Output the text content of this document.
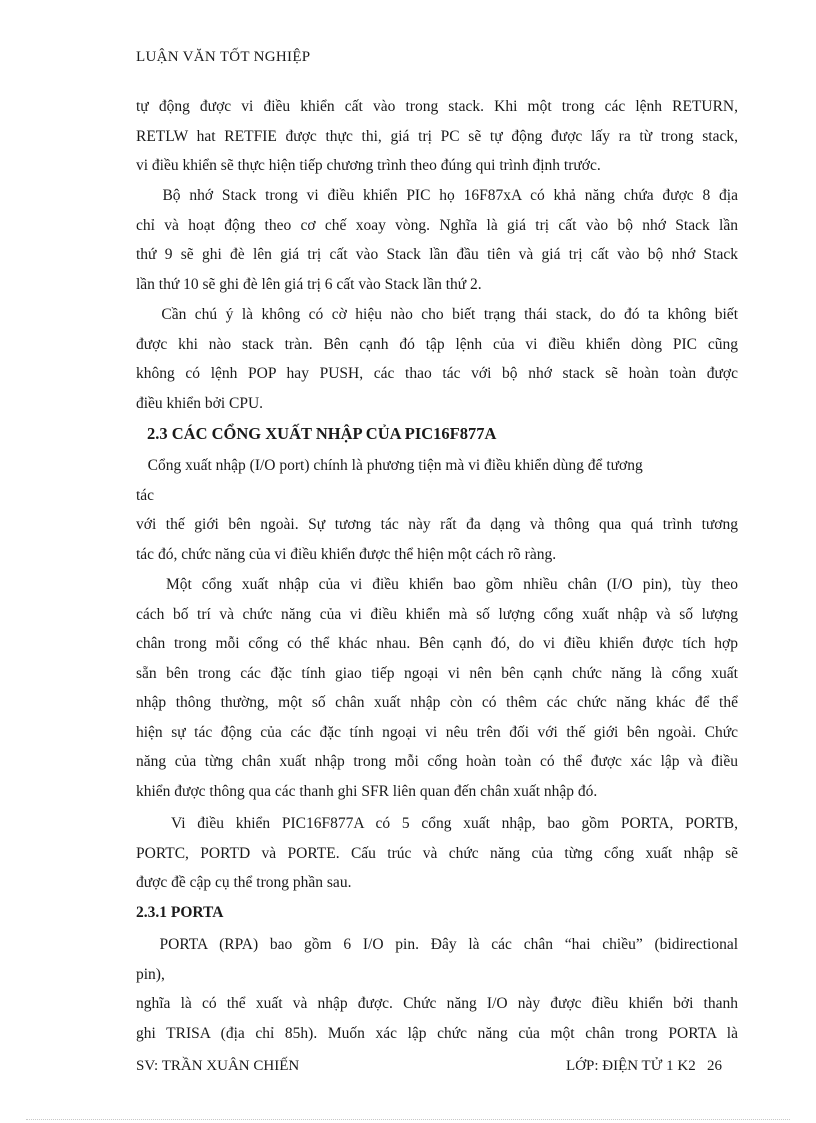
LUẬN VĂN TỐT NGHIỆP
tự động được vi điều khiển cất vào trong stack. Khi một trong các lệnh RETURN,
RETLW hat RETFIE được thực thi, giá trị PC sẽ tự động được lấy ra từ trong stack,
vi điều khiển sẽ thực hiện tiếp chương trình theo đúng qui trình định trước.
Bộ nhớ Stack trong vi điều khiển PIC họ 16F87xA có khả năng chứa được 8 địa
chỉ và hoạt động theo cơ chế xoay vòng. Nghĩa là giá trị cất vào bộ nhớ Stack lần
thứ 9 sẽ ghi đè lên giá trị cất vào Stack lần đầu tiên và giá trị cất vào bộ nhớ Stack
lần thứ 10 sẽ ghi đè lên giá trị 6 cất vào Stack lần thứ 2.
Cần chú ý là không có cờ hiệu nào cho biết trạng thái stack, do đó ta không biết
được khi nào stack tràn. Bên cạnh đó tập lệnh của vi điều khiển dòng PIC cũng
không có lệnh POP hay PUSH, các thao tác với bộ nhớ stack sẽ hoàn toàn được
điều khiển bởi CPU.
2.3 CÁC CỔNG XUẤT NHẬP CỦA PIC16F877A
Cổng xuất nhập (I/O port) chính là phương tiện mà vi điều khiển dùng để tương
tác
với thế giới bên ngoài. Sự tương tác này rất đa dạng và thông qua quá trình tương
tác đó, chức năng của vi điều khiển được thể hiện một cách rõ ràng.
Một cổng xuất nhập của vi điều khiển bao gồm nhiều chân (I/O pin), tùy theo
cách bố trí và chức năng của vi điều khiển mà số lượng cổng xuất nhập và số lượng
chân trong mỗi cổng có thể khác nhau. Bên cạnh đó, do vi điều khiển được tích hợp
sẵn bên trong các đặc tính giao tiếp ngoại vi nên bên cạnh chức năng là cổng xuất
nhập thông thường, một số chân xuất nhập còn có thêm các chức năng khác để thể
hiện sự tác động của các đặc tính ngoại vi nêu trên đối với thế giới bên ngoài. Chức
năng của từng chân xuất nhập trong mỗi cổng hoàn toàn có thể được xác lập và điều
khiển được thông qua các thanh ghi SFR liên quan đến chân xuất nhập đó.
Vi điều khiển PIC16F877A có 5 cổng xuất nhập, bao gồm PORTA, PORTB,
PORTC, PORTD và PORTE. Cấu trúc và chức năng của từng cổng xuất nhập sẽ
được đề cập cụ thể trong phần sau.
2.3.1 PORTA
PORTA (RPA) bao gồm 6 I/O pin. Đây là các chân “hai chiều” (bidirectional
pin),
nghĩa là có thể xuất và nhập được. Chức năng I/O này được điều khiển bởi thanh
ghi TRISA (địa chỉ 85h). Muốn xác lập chức năng của một chân trong PORTA là
SV: TRẦN XUÂN CHIẾN	LỚP: ĐIỆN TỬ 1 K2   26
